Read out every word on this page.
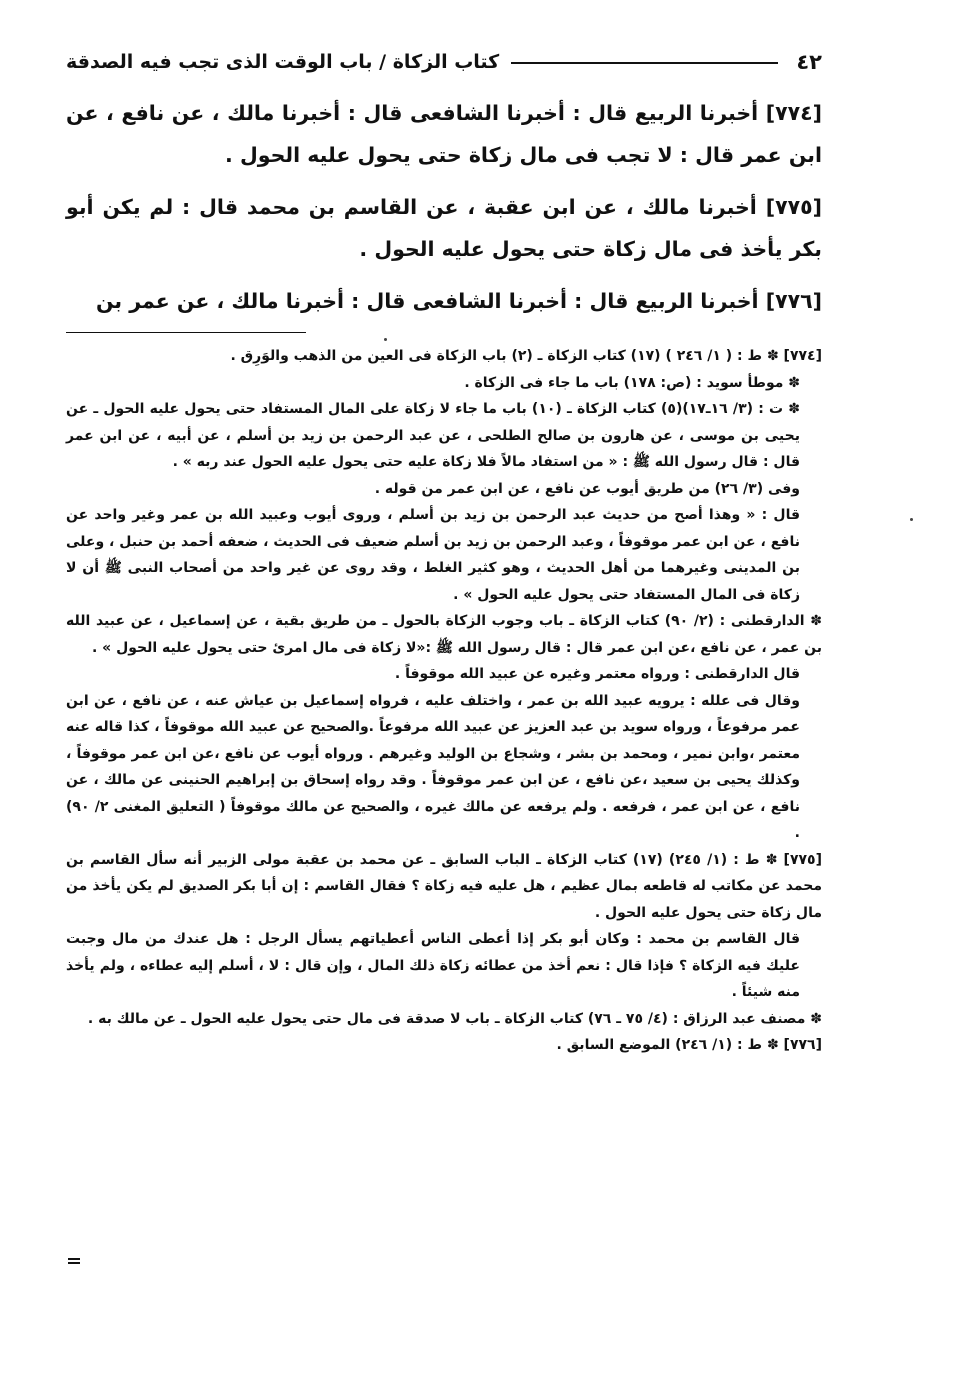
٤٢
كتاب الزكاة / باب الوقت الذى تجب فيه الصدقة

[٧٧٤] أخبرنا الربيع قال : أخبرنا الشافعى قال : أخبرنا مالك ، عن نافع ، عن ابن عمر قال : لا تجب فى مال زكاة حتى يحول عليه الحول .

[٧٧٥] أخبرنا مالك ، عن ابن عقبة ، عن القاسم بن محمد قال : لم يكن أبو بكر يأخذ فى مال زكاة حتى يحول عليه الحول .

[٧٧٦] أخبرنا الربيع قال : أخبرنا الشافعى قال : أخبرنا مالك ، عن عمر بن

[٧٧٤] ✽ ط : ( ١/ ٢٤٦ ) (١٧) كتاب الزكاة ـ (٢) باب الزكاة فى العين من الذهب والوَرِق .

✽ موطأ سويد : (ص: ١٧٨) باب ما جاء فى الزكاة .

✽ ت : (٣/ ١٦ـ١٧)(٥) كتاب الزكاة ـ (١٠) باب ما جاء لا زكاة على المال المستفاد حتى يحول عليه الحول ـ عن يحيى بن موسى ، عن هارون بن صالح الطلحى ، عن عبد الرحمن بن زيد بن أسلم ، عن أبيه ، عن ابن عمر قال : قال رسول الله ﷺ : « من استفاد مالاً فلا زكاة عليه حتى يحول عليه الحول عند ربه » .

وفى (٣/ ٢٦) من طريق أيوب عن نافع ، عن ابن عمر من قوله .

قال : « وهذا أصح من حديث عبد الرحمن بن زيد بن أسلم ، وروى أيوب وعبيد الله بن عمر وغير واحد عن نافع ، عن ابن عمر موقوفاً ، وعبد الرحمن بن زيد بن أسلم ضعيف فى الحديث ، ضعفه أحمد بن حنبل ، وعلى بن المدينى وغيرهما من أهل الحديث ، وهو كثير الغلط ، وقد روى عن غير واحد من أصحاب النبى ﷺ أن لا زكاة فى المال المستفاد حتى يحول عليه الحول » .

✽ الدارقطنى : (٢/ ٩٠) كتاب الزكاة ـ باب وجوب الزكاة بالحول ـ من طريق بقية ، عن إسماعيل ، عن عبيد الله بن عمر ، عن نافع ،عن ابن عمر قال : قال رسول الله ﷺ :«لا زكاة فى مال امرئ حتى يحول عليه الحول » .

قال الدارقطنى : ورواه معتمر وغيره عن عبيد الله موقوفاً .

وقال فى علله : يرويه عبيد الله بن عمر ، واختلف عليه ، فرواه إسماعيل بن عياش عنه ، عن نافع ، عن ابن عمر مرفوعاً ، ورواه سويد بن عبد العزيز عن عبيد الله مرفوعاً .والصحيح عن عبيد الله موقوفاً ، كذا قاله عنه معتمر ،وابن نمير ، ومحمد بن بشر ، وشجاع بن الوليد وغيرهم . ورواه أيوب عن نافع ،عن ابن عمر موقوفاً ، وكذلك يحيى بن سعيد ،عن نافع ، عن ابن عمر موقوفاً . وقد رواه إسحاق بن إبراهيم الحنينى عن مالك ، عن نافع ، عن ابن عمر ، فرفعه . ولم يرفعه عن مالك غيره ، والصحيح عن مالك موقوفاً ( التعليق المغنى ٢/ ٩٠) .

[٧٧٥] ✽ ط : (١/ ٢٤٥) (١٧) كتاب الزكاة ـ الباب السابق ـ عن محمد بن عقبة مولى الزبير أنه سأل القاسم بن محمد عن مكاتب له قاطعه بمال عظيم ، هل عليه فيه زكاة ؟ فقال القاسم : إن أبا بكر الصديق لم يكن يأخذ من مال زكاة حتى يحول عليه الحول .

قال القاسم بن محمد : وكان أبو بكر إذا أعطى الناس أعطياتهم يسأل الرجل : هل عندك من مال وجبت عليك فيه الزكاة ؟ فإذا قال : نعم أخذ من عطائه زكاة ذلك المال ، وإن قال : لا ، أسلم إليه عطاءه ، ولم يأخذ منه شيئاً .

✽ مصنف عبد الرزاق : (٤/ ٧٥ ـ ٧٦) كتاب الزكاة ـ باب لا صدقة فى مال حتى يحول عليه الحول ـ عن مالك به .

[٧٧٦] ✽ ط : (١/ ٢٤٦) الموضع السابق .
